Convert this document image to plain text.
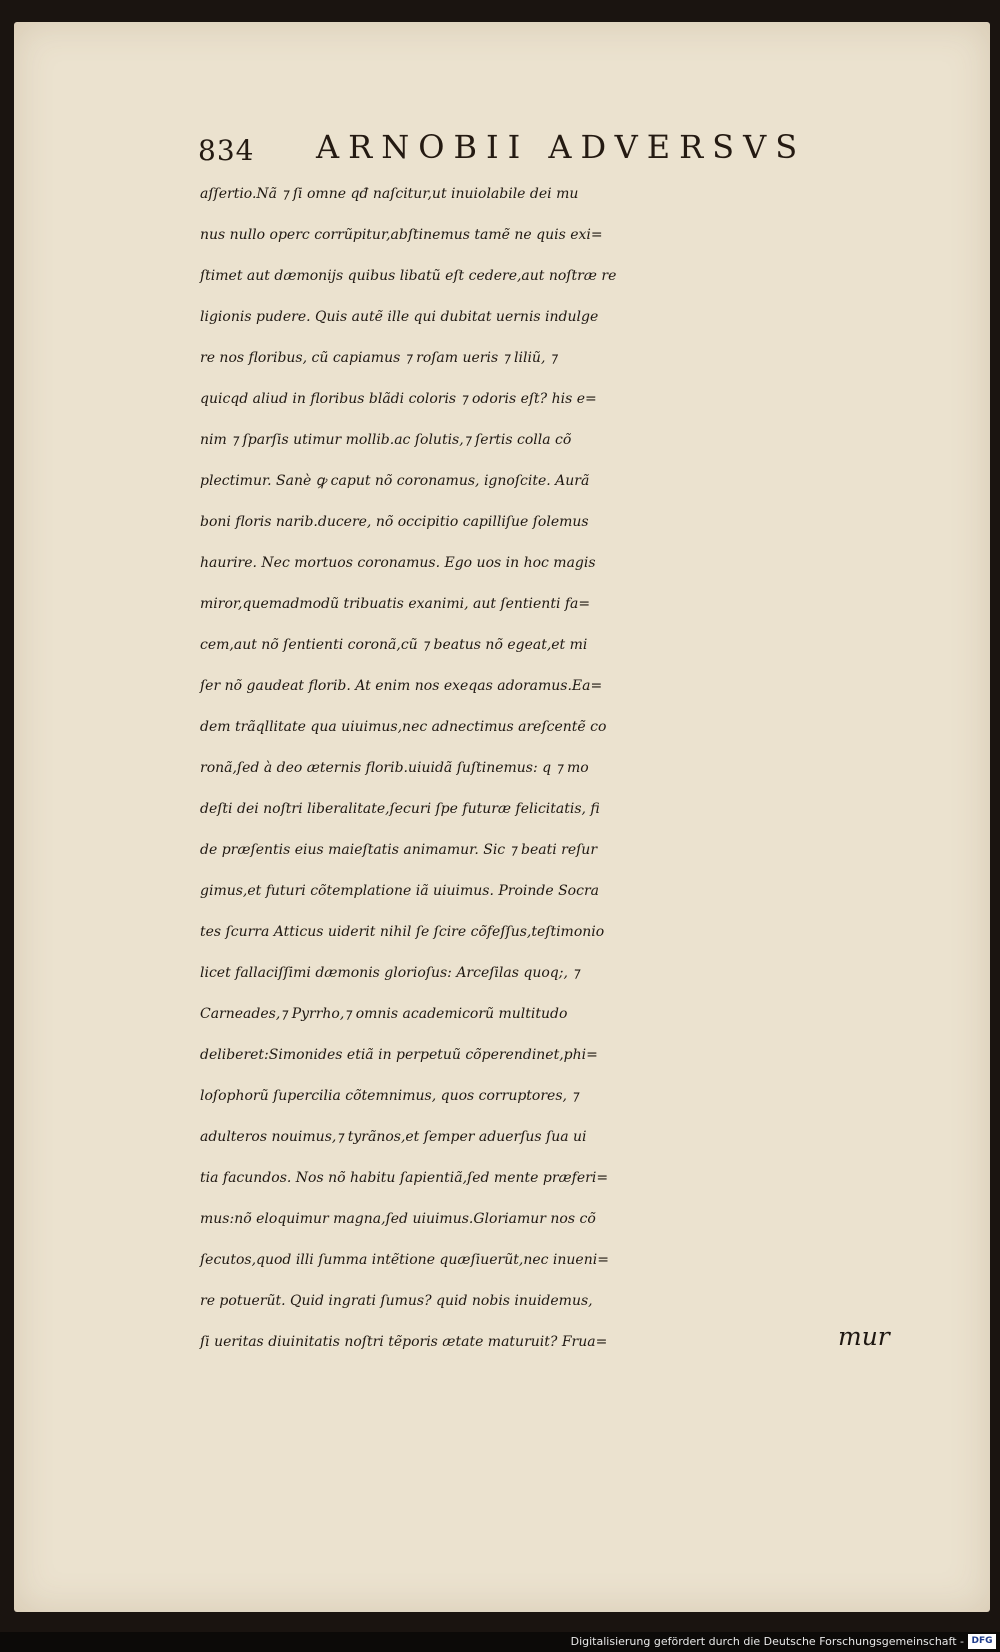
834 ARNOBII ADVERSVS
aſſertio.Nã ⁊ ſi omne qđ naſcitur,ut inuiolabile dei mu
nus nullo operc corrũpitur,abſtinemus tamẽ ne quis exi=
ſtimet aut dæmonijs quibus libatũ eſt cedere,aut noſtræ re
ligionis pudere. Quis autẽ ille qui dubitat uernis indulge
re nos floribus, cũ capiamus ⁊ roſam ueris ⁊ liliũ, ⁊
quicqd aliud in floribus blãdi coloris ⁊ odoris eſt? his e=
nim ⁊ ſparſis utimur mollib.ac ſolutis,⁊ ſertis colla cõ
plectimur. Sanè ꝙ caput nõ coronamus, ignoſcite. Aurã
boni floris narib.ducere, nõ occipitio capilliſue ſolemus
haurire. Nec mortuos coronamus. Ego uos in hoc magis
miror,quemadmodũ tribuatis exanimi, aut ſentienti fa=
cem,aut nõ ſentienti coronã,cũ ⁊ beatus nõ egeat,et mi
ſer nõ gaudeat florib. At enim nos exeqas adoramus.Ea=
dem trãqllitate qua uiuimus,nec adnectimus areſcentẽ co
ronã,ſed à deo æternis florib.uiuidã ſuſtinemus: q ⁊ mo
deſti dei noſtri liberalitate,ſecuri ſpe futuræ felicitatis, fi
de præſentis eius maieſtatis animamur. Sic ⁊ beati reſur
gimus,et futuri cõtemplatione iã uiuimus. Proinde Socra
tes ſcurra Atticus uiderit nihil ſe ſcire cõfeſſus,teſtimonio
licet fallaciſſimi dæmonis glorioſus: Arceſilas quoq;, ⁊
Carneades,⁊ Pyrrho,⁊ omnis academicorũ multitudo
deliberet:Simonides etiã in perpetuũ cõperendinet,phi=
loſophorũ ſupercilia cõtemnimus, quos corruptores, ⁊
adulteros nouimus,⁊ tyrãnos,et ſemper aduerſus ſua ui
tia facundos. Nos nõ habitu ſapientiã,ſed mente præferi=
mus:nõ eloquimur magna,ſed uiuimus.Gloriamur nos cõ
ſecutos,quod illi ſumma intẽtione quæſiuerũt,nec inueni=
re potuerũt. Quid ingrati ſumus? quid nobis inuidemus,
ſi ueritas diuinitatis noſtri tẽporis ætate maturuit? Frua=	mur
Digitalisierung gefördert durch die Deutsche Forschungsgemeinschaft - DFG
